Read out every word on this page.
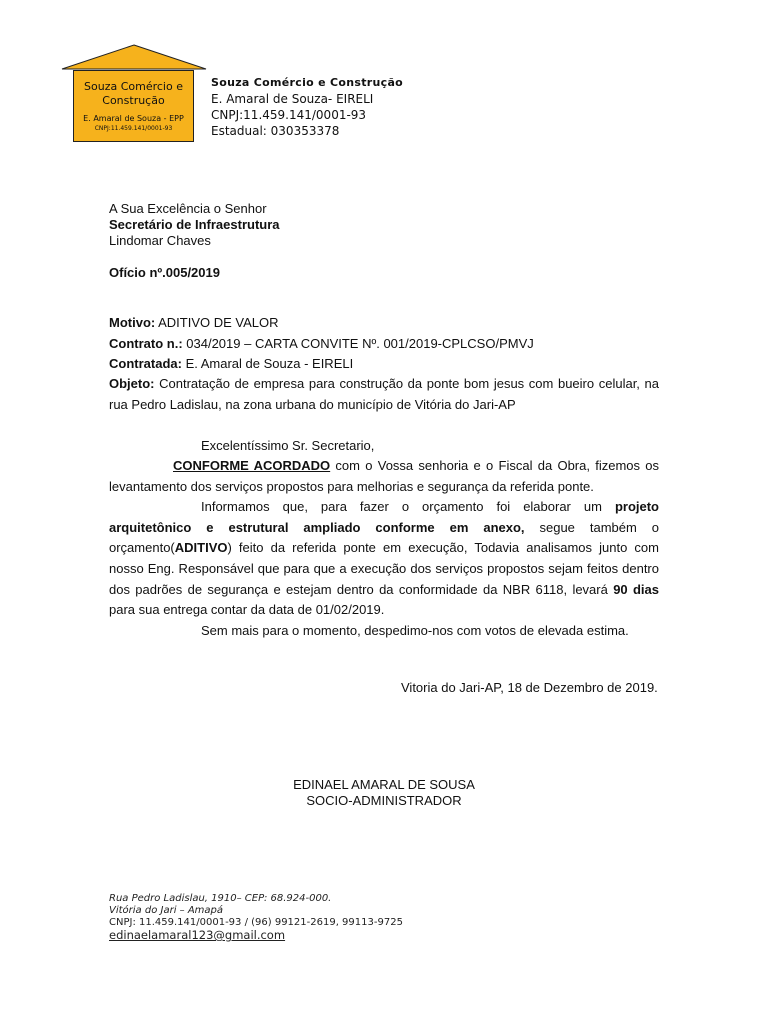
Souza Comércio e
Construção
E. Amaral de Souza - EPP
CNPJ:11.459.141/0001-93
Souza Comércio e Construção
E. Amaral de Souza- EIRELI
CNPJ:11.459.141/0001-93
Estadual: 030353378
A Sua Excelência o Senhor
Secretário de Infraestrutura
Lindomar Chaves
Ofício nº.005/2019
Motivo: ADITIVO DE VALOR
Contrato n.: 034/2019 – CARTA CONVITE Nº. 001/2019-CPLCSO/PMVJ
Contratada: E. Amaral de Souza - EIRELI
Objeto: Contratação de empresa para construção da ponte bom jesus com bueiro celular, na rua Pedro Ladislau, na zona urbana do município de Vitória do Jari-AP
Excelentíssimo Sr. Secretario,

CONFORME ACORDADO com o Vossa senhoria e o Fiscal da Obra, fizemos os levantamento dos serviços propostos para melhorias e segurança da referida ponte.

Informamos que, para fazer o orçamento foi elaborar um projeto arquitetônico e estrutural ampliado conforme em anexo, segue também o orçamento(ADITIVO) feito da referida ponte em execução, Todavia analisamos junto com nosso Eng. Responsável que para que a execução dos serviços propostos sejam feitos dentro dos padrões de segurança e estejam dentro da conformidade da NBR 6118, levará 90 dias para sua entrega contar da data de 01/02/2019.

Sem mais para o momento, despedimo-nos com votos de elevada estima.

Vitoria do Jari-AP, 18 de Dezembro de 2019.
EDINAEL AMARAL DE SOUSA
SOCIO-ADMINISTRADOR
Rua Pedro Ladislau, 1910– CEP: 68.924-000.
Vitória do Jari – Amapá
CNPJ: 11.459.141/0001-93 / (96) 99121-2619, 99113-9725
edinaelamaral123@gmail.com
